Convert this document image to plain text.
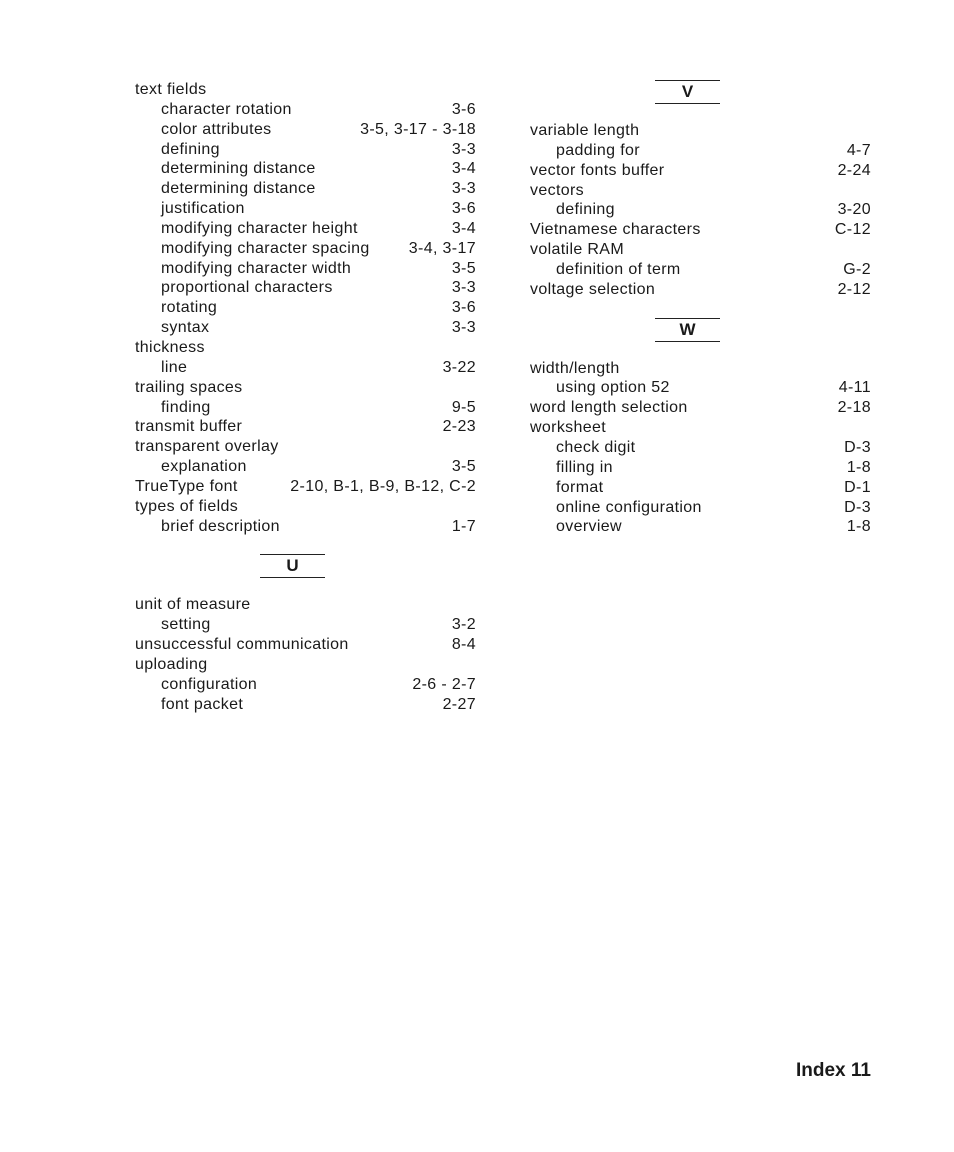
text fields
character rotation	3-6
color attributes	3-5, 3-17 - 3-18
defining	3-3
determining distance	3-4
determining distance	3-3
justification	3-6
modifying character height	3-4
modifying character spacing 3-4, 3-17
modifying character width	3-5
proportional characters	3-3
rotating	3-6
syntax	3-3
thickness
line	3-22
trailing spaces
finding	9-5
transmit buffer	2-23
transparent overlay
explanation	3-5
TrueType font	2-10, B-1, B-9, B-12, C-2
types of fields
brief description	1-7
U
unit of measure
setting	3-2
unsuccessful communication	8-4
uploading
configuration	2-6 - 2-7
font packet	2-27
V
variable length
padding for	4-7
vector fonts buffer	2-24
vectors
defining	3-20
Vietnamese characters	C-12
volatile RAM
definition of term	G-2
voltage selection	2-12
W
width/length
using option 52	4-11
word length selection	2-18
worksheet
check digit	D-3
filling in	1-8
format	D-1
online configuration	D-3
overview	1-8
Index 11
